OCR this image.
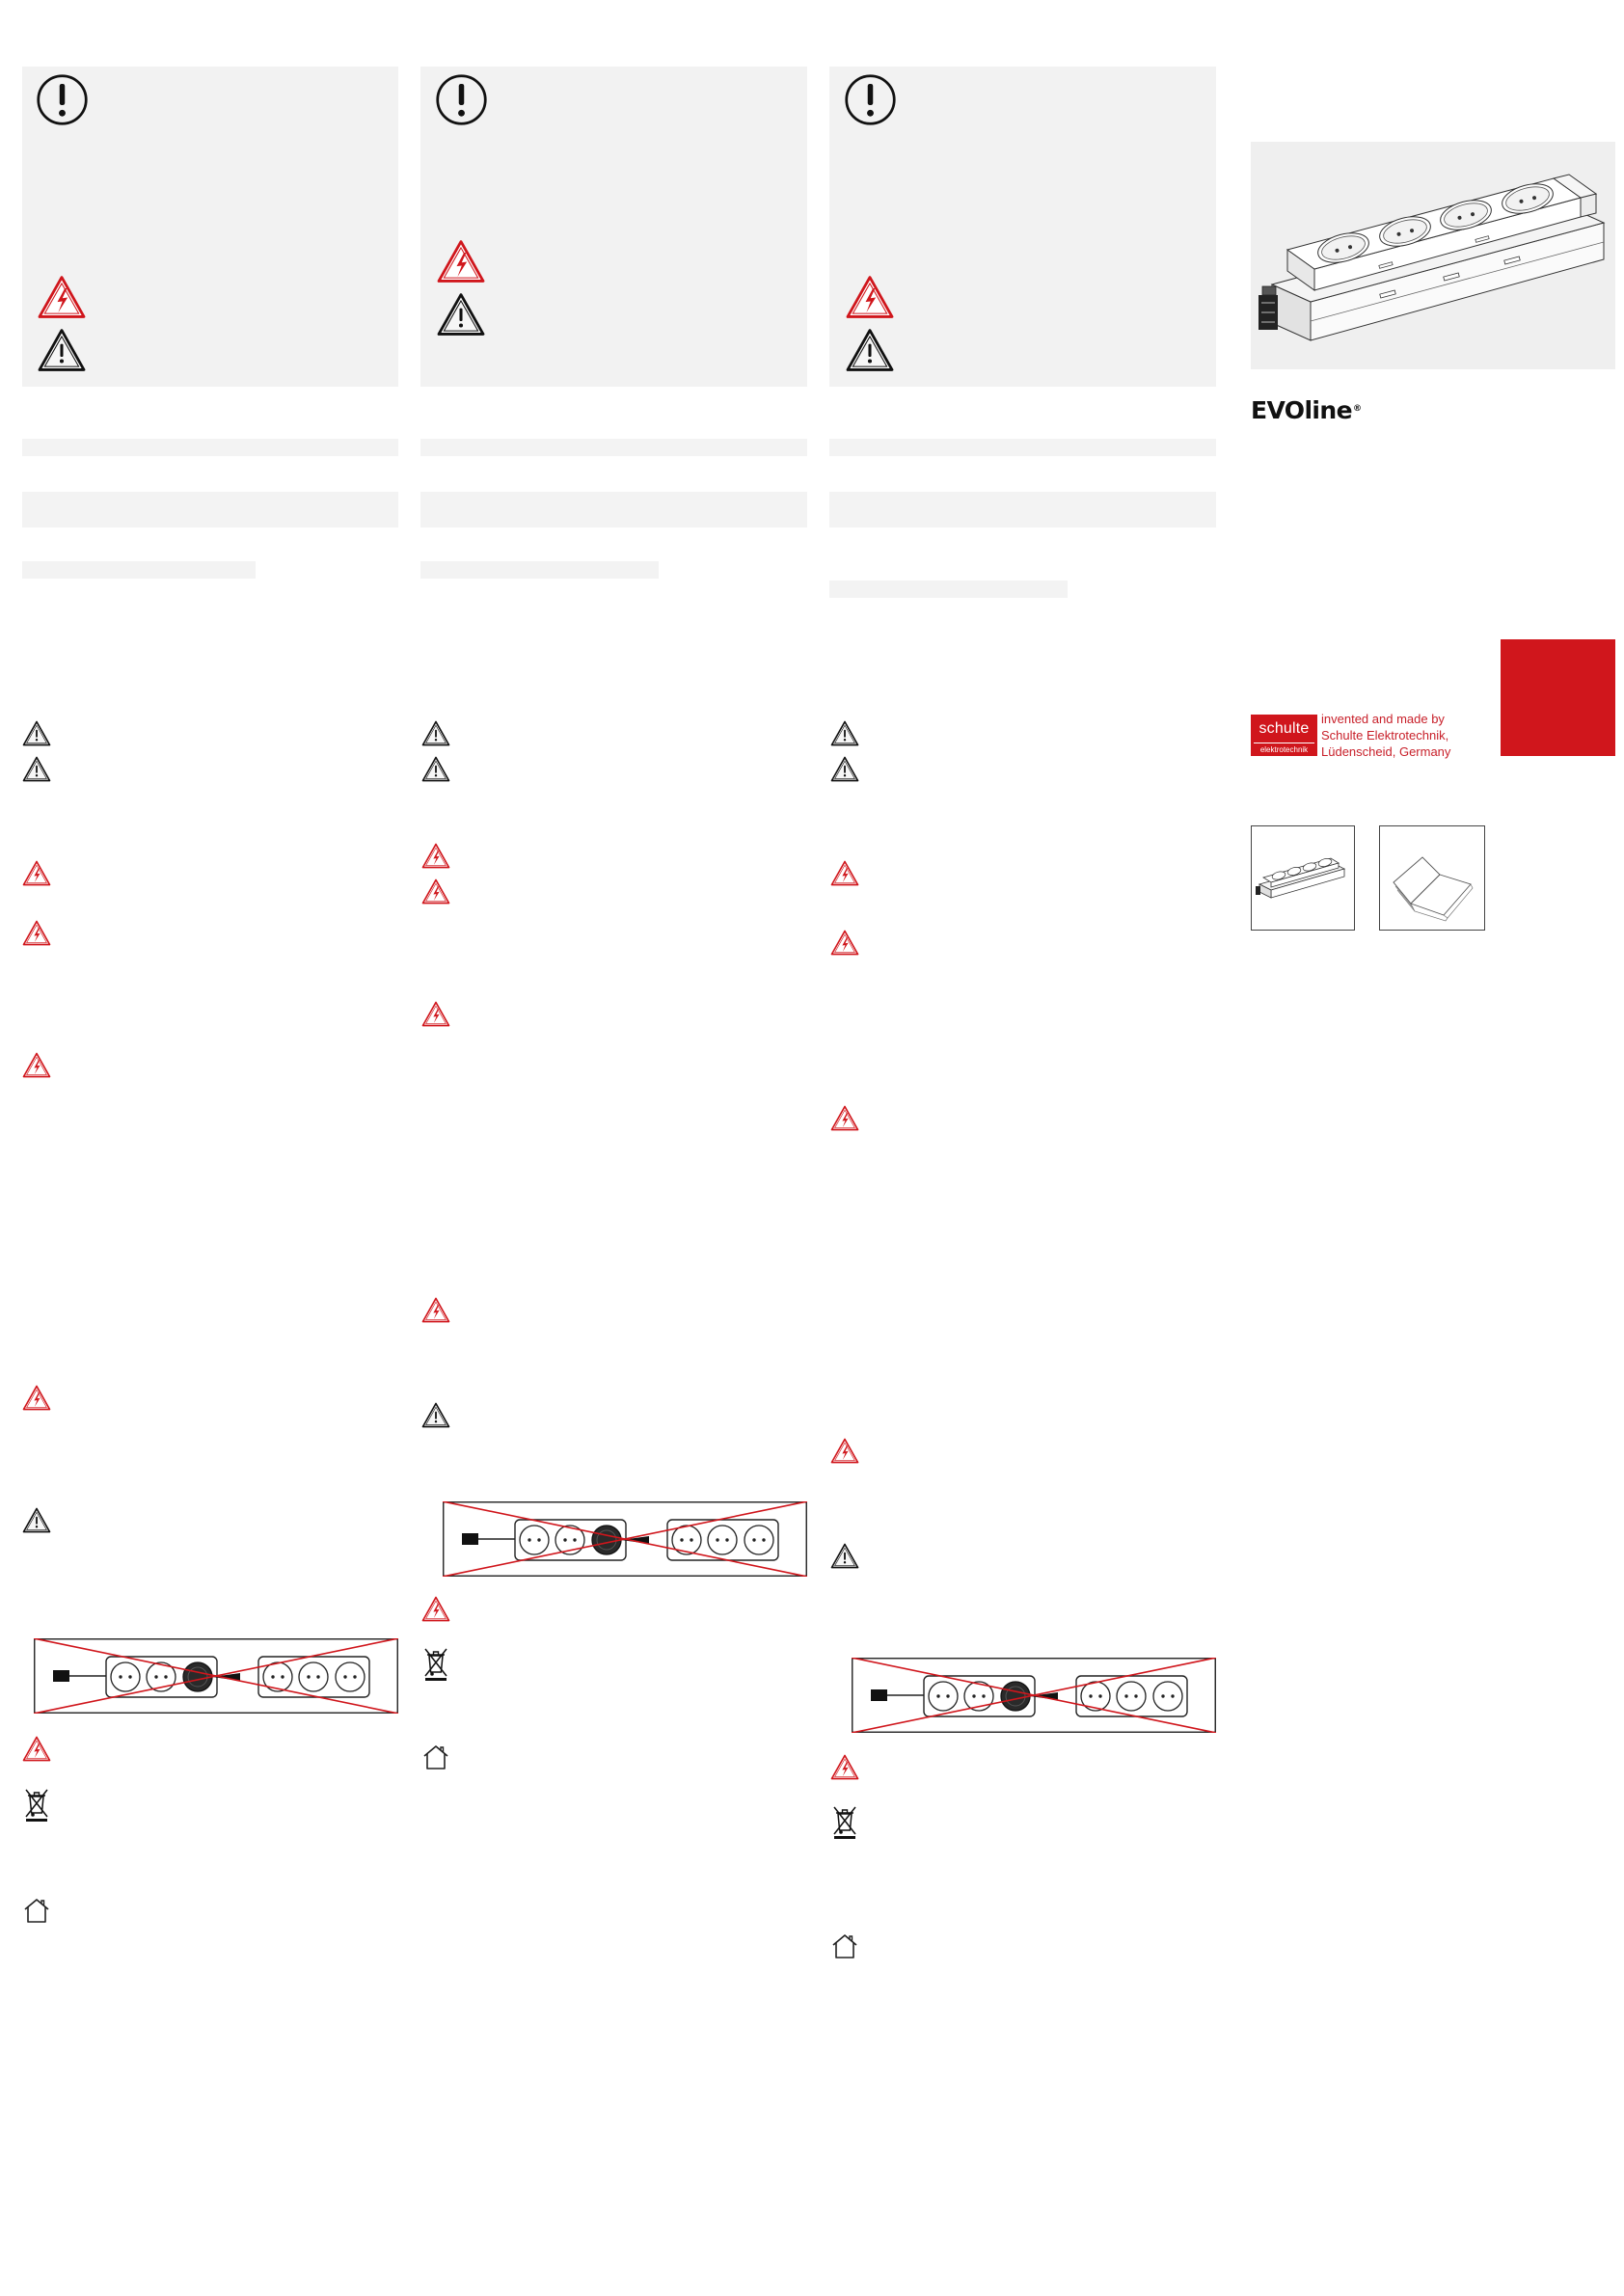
EVOline®
schulte
elektrotechnik
invented and made by
Schulte Elektrotechnik,
Lüdenscheid, Germany
